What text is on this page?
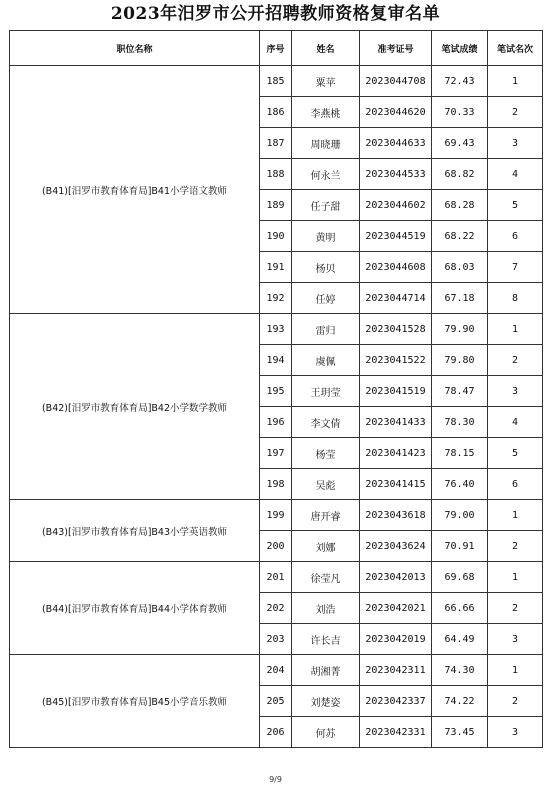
2023年汨罗市公开招聘教师资格复审名单
职位名称	序号	姓名	准考证号	笔试成绩	笔试名次
(B41)[汨罗市教育体育局]B41小学语文教师	185	粟苹	2023044708	72.43	1
	186	李燕桃	2023044620	70.33	2
	187	周晓珊	2023044633	69.43	3
	188	何永兰	2023044533	68.82	4
	189	任子甜	2023044602	68.28	5
	190	黄明	2023044519	68.22	6
	191	杨贝	2023044608	68.03	7
	192	任婷	2023044714	67.18	8
(B42)[汨罗市教育体育局]B42小学数学教师	193	雷归	2023041528	79.90	1
	194	虞佩	2023041522	79.80	2
	195	王玥莹	2023041519	78.47	3
	196	李文倩	2023041433	78.30	4
	197	杨莹	2023041423	78.15	5
	198	吴彪	2023041415	76.40	6
(B43)[汨罗市教育体育局]B43小学英语教师	199	唐开睿	2023043618	79.00	1
	200	刘娜	2023043624	70.91	2
(B44)[汨罗市教育体育局]B44小学体育教师	201	徐莹凡	2023042013	69.68	1
	202	刘浩	2023042021	66.66	2
	203	许长吉	2023042019	64.49	3
(B45)[汨罗市教育体育局]B45小学音乐教师	204	胡湘菁	2023042311	74.30	1
	205	刘楚姿	2023042337	74.22	2
	206	何苏	2023042331	73.45	3
9/9
